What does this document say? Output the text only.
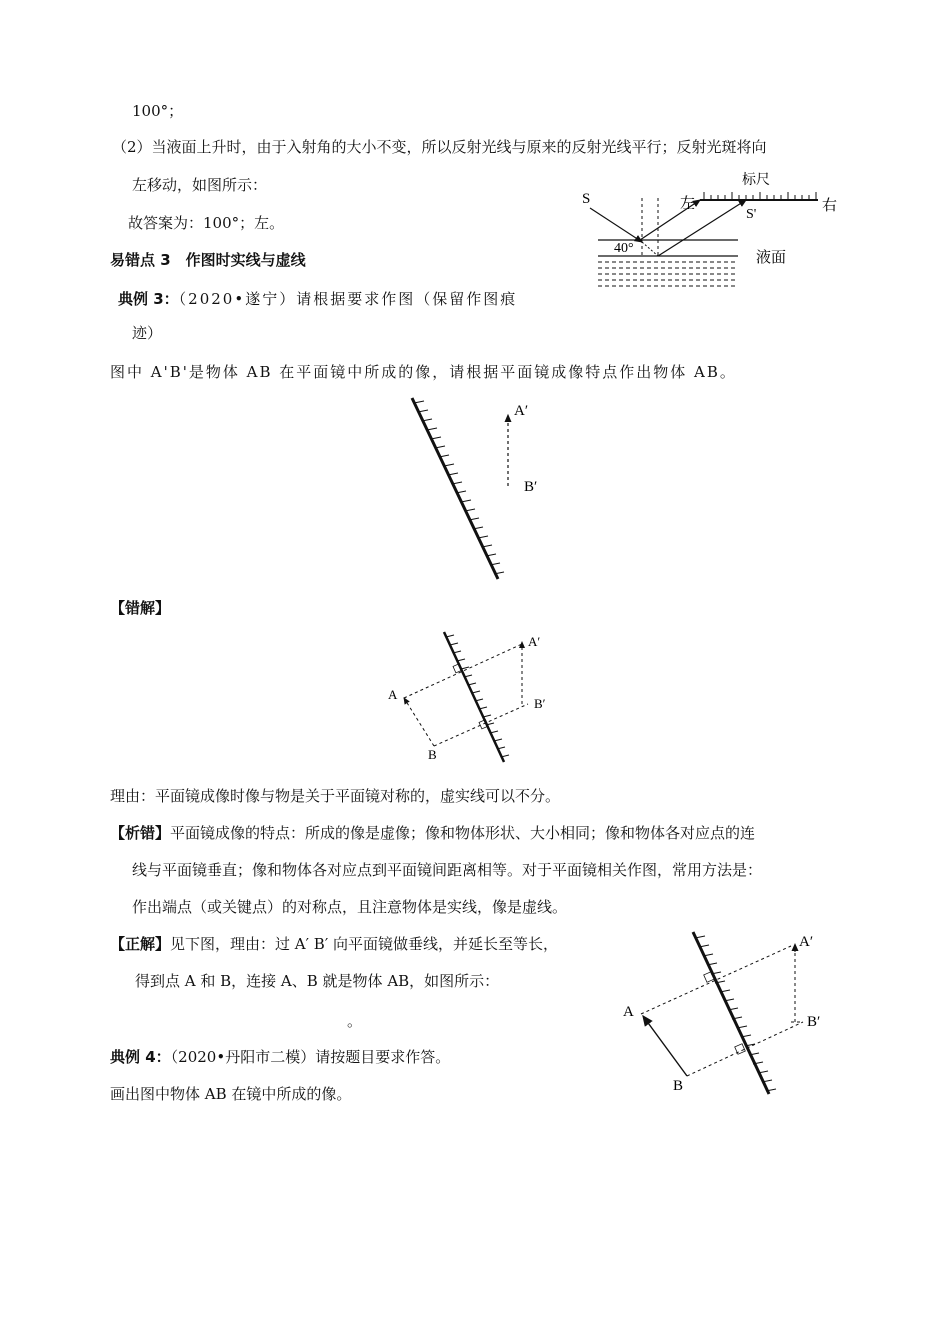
100°；
（2）当液面上升时，由于入射角的大小不变，所以反射光线与原来的反射光线平行；反射光斑将向
左移动，如图所示：
故答案为：100°；左。
易错点 3　作图时实线与虚线
典例 3：（2020•遂宁）请根据要求作图（保留作图痕
迹）
图中 A'B'是物体 AB 在平面镜中所成的像，请根据平面镜成像特点作出物体 AB。
【错解】
理由：平面镜成像时像与物是关于平面镜对称的，虚实线可以不分。
【析错】平面镜成像的特点：所成的像是虚像；像和物体形状、大小相同；像和物体各对应点的连
线与平面镜垂直；像和物体各对应点到平面镜间距离相等。对于平面镜相关作图，常用方法是：
作出端点（或关键点）的对称点，且注意物体是实线，像是虚线。
【正解】见下图，理由：过 A′ B′ 向平面镜做垂线，并延长至等长，
得到点 A 和 B，连接 A、B 就是物体 AB，如图所示：
。
典例 4：（2020•丹阳市二模）请按题目要求作答。
画出图中物体 AB 在镜中所成的像。
S	左
标尺
S'
右
40°	液面
A′
B′
A
B
A′
B′
A
B
A′
B′
